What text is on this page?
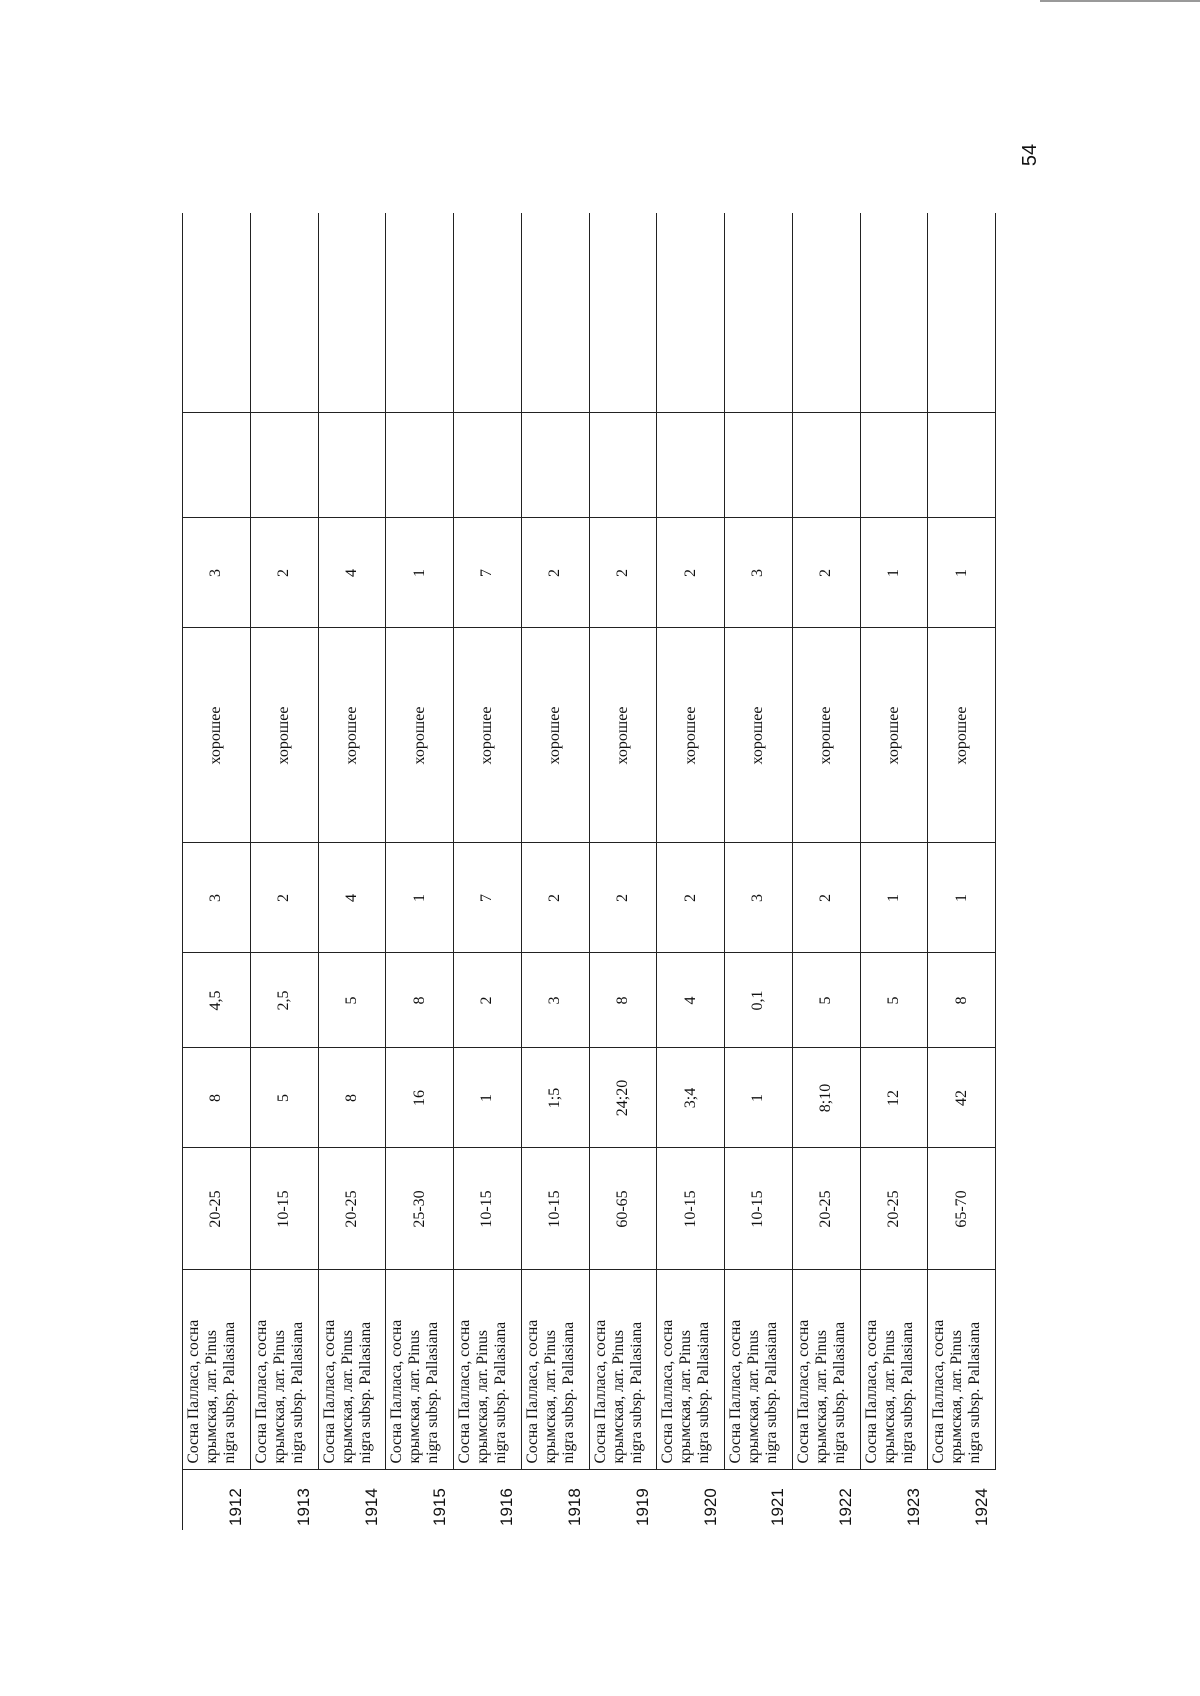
54
1912	Сосна Палласа, сосна крымская, лат. Pinus nigra subsp. Pallasiana	20-25	8	4,5	3	хорошее	3		
1913	Сосна Палласа, сосна крымская, лат. Pinus nigra subsp. Pallasiana	10-15	5	2,5	2	хорошее	2		
1914	Сосна Палласа, сосна крымская, лат. Pinus nigra subsp. Pallasiana	20-25	8	5	4	хорошее	4		
1915	Сосна Палласа, сосна крымская, лат. Pinus nigra subsp. Pallasiana	25-30	16	8	1	хорошее	1		
1916	Сосна Палласа, сосна крымская, лат. Pinus nigra subsp. Pallasiana	10-15	1	2	7	хорошее	7		
1918	Сосна Палласа, сосна крымская, лат. Pinus nigra subsp. Pallasiana	10-15	1;5	3	2	хорошее	2		
1919	Сосна Палласа, сосна крымская, лат. Pinus nigra subsp. Pallasiana	60-65	24;20	8	2	хорошее	2		
1920	Сосна Палласа, сосна крымская, лат. Pinus nigra subsp. Pallasiana	10-15	3;4	4	2	хорошее	2		
1921	Сосна Палласа, сосна крымская, лат. Pinus nigra subsp. Pallasiana	10-15	1	0,1	3	хорошее	3		
1922	Сосна Палласа, сосна крымская, лат. Pinus nigra subsp. Pallasiana	20-25	8;10	5	2	хорошее	2		
1923	Сосна Палласа, сосна крымская, лат. Pinus nigra subsp. Pallasiana	20-25	12	5	1	хорошее	1		
1924	Сосна Палласа, сосна крымская, лат. Pinus nigra subsp. Pallasiana	65-70	42	8	1	хорошее	1		
